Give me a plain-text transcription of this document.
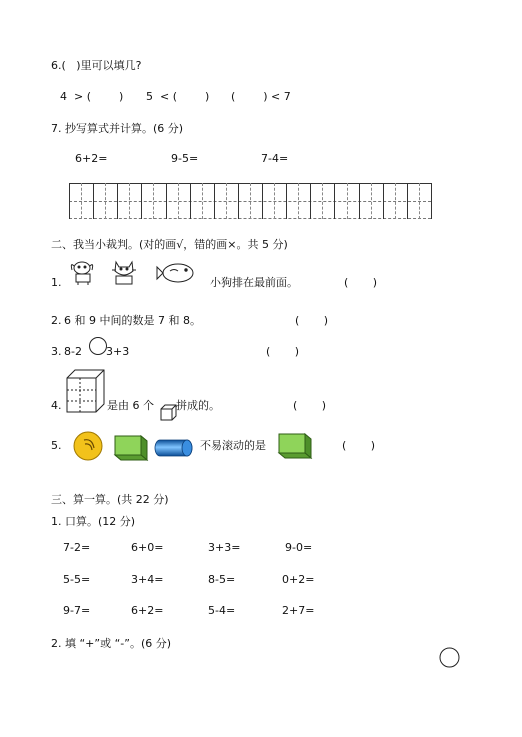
6.(   )里可以填几?
4  > (        ) 5  < (        ) (        ) < 7
7. 抄写算式并计算。(6 分)
6+2=	9-5=	7-4=
二、我当小裁判。(对的画√，错的画×。共 5 分)
1.	小狗排在最前面。	(       )
2. 6 和 9 中间的数是 7 和 8。	(       )
3. 8-2 3+3	(       )
4.	是由 6 个 拼成的。	(       )
5.	不易滚动的是	(       )
三、算一算。(共 22 分)
1. 口算。(12 分)
7-2=	6+0=	3+3=	9-0=
5-5=	3+4=	8-5=	0+2=
9-7=	6+2=	5-4=	2+7=
2. 填 “+”或 “-”。(6 分)
